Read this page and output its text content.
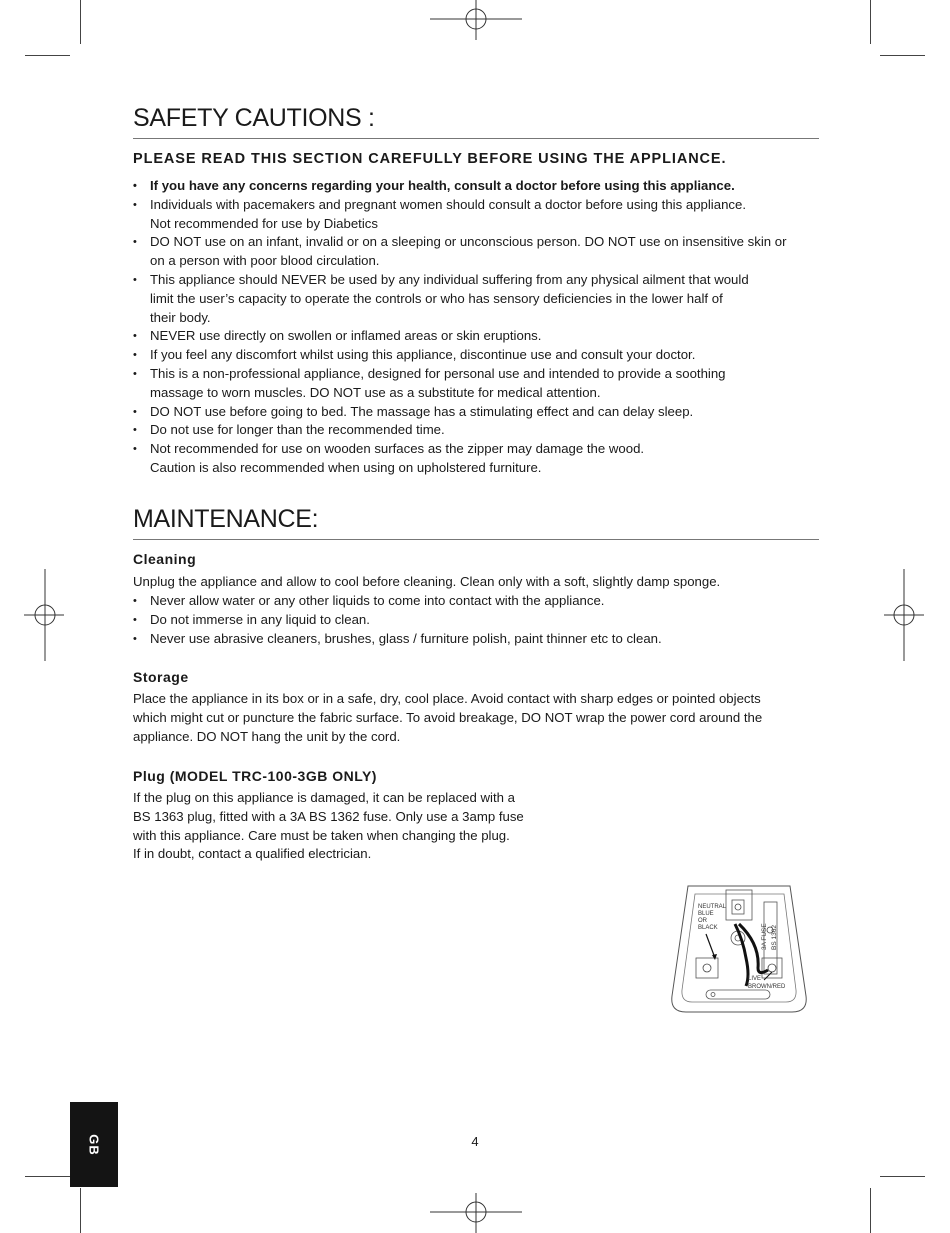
SAFETY CAUTIONS :
PLEASE READ THIS SECTION CAREFULLY BEFORE USING THE APPLIANCE.
• If you have any concerns regarding your health, consult a doctor before using this appliance.
• Individuals with pacemakers and pregnant women should consult a doctor before using this appliance.
Not recommended for use by Diabetics
• DO NOT use on an infant, invalid or on a sleeping or unconscious person. DO NOT use on insensitive skin or
on a person with poor blood circulation.
• This appliance should NEVER be used by any individual suffering from any physical ailment that would
limit the user’s capacity to operate the controls or who has sensory deficiencies in the lower half of
their body.
• NEVER use directly on swollen or inflamed areas or skin eruptions.
• If you feel any discomfort whilst using this appliance, discontinue use and consult your doctor.
• This is a non-professional appliance, designed for personal use and intended to provide a soothing
massage to worn muscles. DO NOT use as a substitute for medical attention.
• DO NOT use before going to bed. The massage has a stimulating effect and can delay sleep.
• Do not use for longer than the recommended time.
• Not recommended for use on wooden surfaces as the zipper may damage the wood.
Caution is also recommended when using on upholstered furniture.
MAINTENANCE:
Cleaning

Unplug the appliance and allow to cool before cleaning. Clean only with a soft, slightly damp sponge.

• Never allow water or any other liquids to come into contact with the appliance.
• Do not immerse in any liquid to clean.
• Never use abrasive cleaners, brushes, glass / furniture polish, paint thinner etc to clean.
Storage

Place the appliance in its box or in a safe, dry, cool place. Avoid contact with sharp edges or pointed objects
which might cut or puncture the fabric surface. To avoid breakage, DO NOT wrap the power cord around the
appliance. DO NOT hang the unit by the cord.

Plug (MODEL TRC-100-3GB ONLY)

If the plug on this appliance is damaged, it can be replaced with a
BS 1363 plug, fitted with a 3A BS 1362 fuse. Only use a 3amp fuse
with this appliance. Care must be taken when changing the plug.
If in doubt, contact a qualified electrician.

NEUTRAL
BLUE
OR
BLACK	3A FUSE BS 1362
LIVE
BROWN/RED
GB	4
